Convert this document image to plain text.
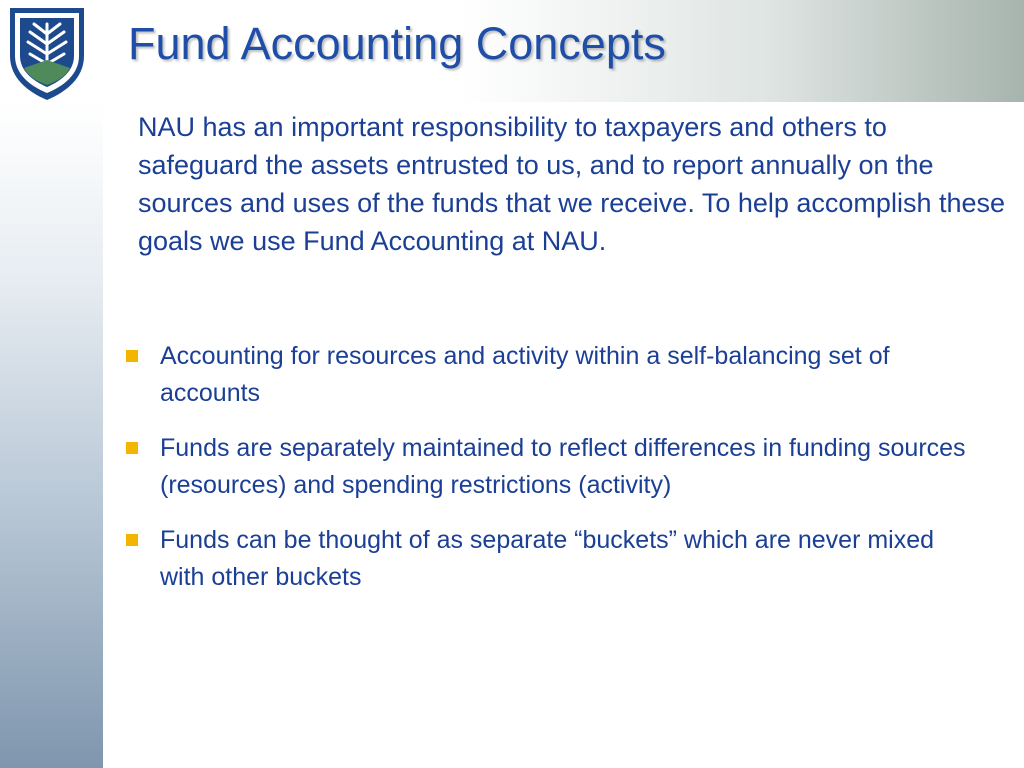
Fund Accounting Concepts

NAU has an important responsibility to taxpayers and others to safeguard the assets entrusted to us, and to report annually on the sources and uses of the funds that we receive. To help accomplish these goals we use Fund Accounting at NAU.

Accounting for resources and activity within a self-balancing set of accounts
Funds are separately maintained to reflect differences in funding sources (resources) and spending restrictions (activity)
Funds can be thought of as separate “buckets” which are never mixed with other buckets
